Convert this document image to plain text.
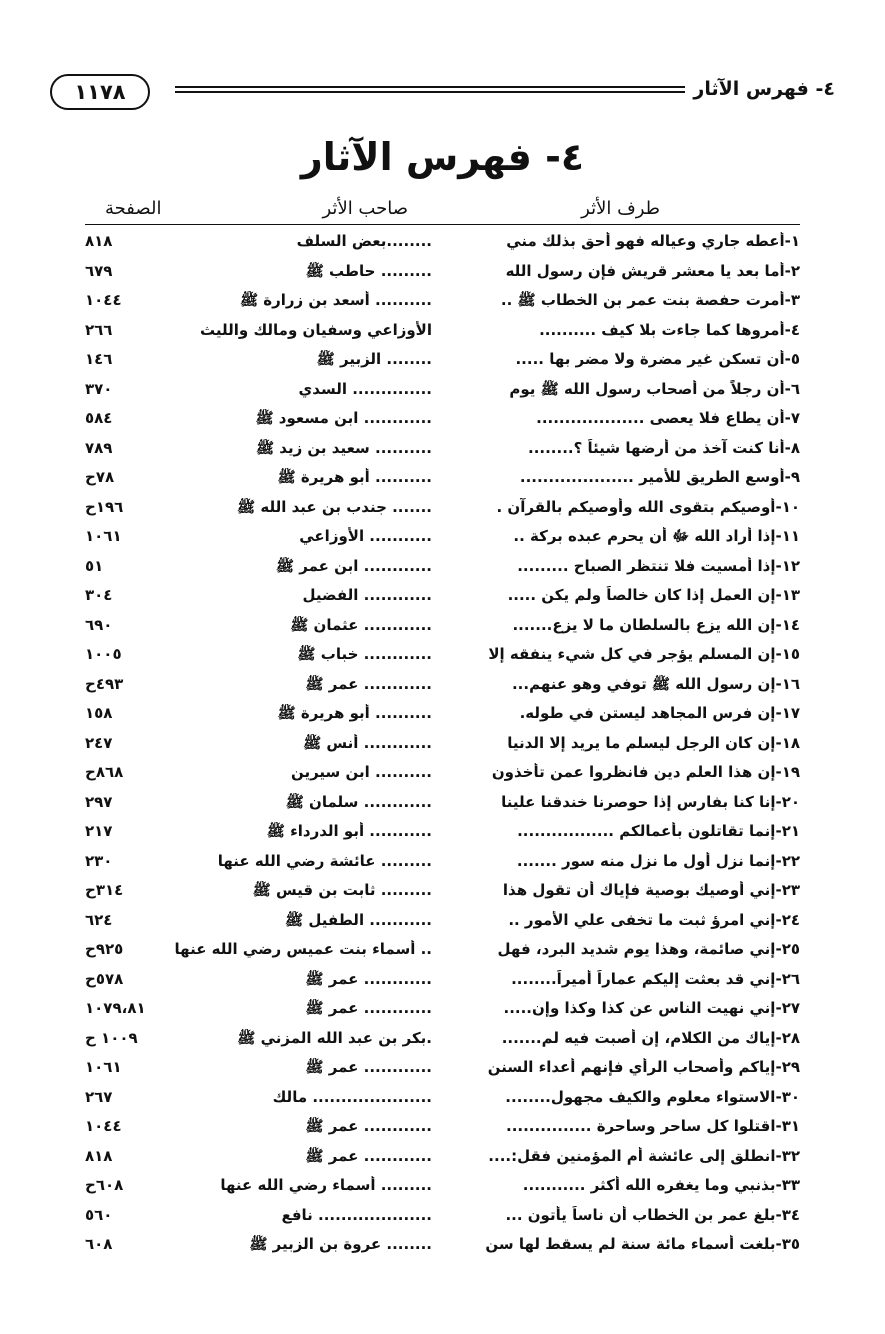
٤- فهرس الآثار
١١٧٨
٤- فهرس الآثار
طرف الأثر
صاحب الأثر
الصفحة
١-أعطه جاري وعياله فهو أحق بذلك مني
........بعض السلف
٨١٨
٢-أما بعد يا معشر قريش فإن رسول الله
......... حاطب ﷺ
٦٧٩
٣-أمرت حفصة بنت عمر بن الخطاب ﷺ ..
.......... أسعد بن زرارة ﷺ
١٠٤٤
٤-أمروها كما جاءت بلا كيف ..........
الأوزاعي وسفيان ومالك والليث
٢٦٦
٥-أن تسكن غير مضرة ولا مضر بها .....
........ الزبير ﷺ
١٤٦
٦-أن رجلاً من أصحاب رسول الله ﷺ يوم
.............. السدي
٣٧٠
٧-أن يطاع فلا يعصى ...................
............ ابن مسعود ﷺ
٥٨٤
٨-أنا كنت آخذ من أرضها شيئاً ؟........
.......... سعيد بن زيد ﷺ
٧٨٩
٩-أوسع الطريق للأمير ....................
.......... أبو هريرة ﷺ
٧٨ح
١٠-أوصيكم بتقوى الله وأوصيكم بالقرآن .
....... جندب بن عبد الله ﷺ
١٩٦ح
١١-إذا أراد الله ﷻ أن يحرم عبده بركة ..
........... الأوزاعي
١٠٦١
١٢-إذا أمسيت فلا تنتظر الصباح .........
............ ابن عمر ﷺ
٥١
١٣-إن العمل إذا كان خالصاً ولم يكن .....
............ الفضيل
٣٠٤
١٤-إن الله يزع بالسلطان ما لا يزع.......
............ عثمان ﷺ
٦٩٠
١٥-إن المسلم يؤجر في كل شيء ينفقه إلا
............ خباب ﷺ
١٠٠٥
١٦-إن رسول الله ﷺ توفي وهو عنهم...
............ عمر ﷺ
٤٩٣ح
١٧-إن فرس المجاهد ليستن في طوله.
.......... أبو هريرة ﷺ
١٥٨
١٨-إن كان الرجل ليسلم ما يريد إلا الدنيا
............ أنس ﷺ
٢٤٧
١٩-إن هذا العلم دين فانظروا عمن تأخذون
.......... ابن سيرين
٨٦٨ح
٢٠-إنا كنا بفارس إذا حوصرنا خندقنا علينا
............ سلمان ﷺ
٢٩٧
٢١-إنما تقاتلون بأعمالكم .................
........... أبو الدرداء ﷺ
٢١٧
٢٢-إنما نزل أول ما نزل منه سور .......
......... عائشة رضي الله عنها
٢٣٠
٢٣-إني أوصيك بوصية فإياك أن تقول هذا
......... ثابت بن قيس ﷺ
٣١٤ح
٢٤-إني امرؤ ثبت ما تخفى علي الأمور ..
........... الطفيل ﷺ
٦٢٤
٢٥-إني صائمة، وهذا يوم شديد البرد، فهل
.. أسماء بنت عميس رضي الله عنها
٩٢٥ح
٢٦-إني قد بعثت إليكم عماراً أميراً........
............ عمر ﷺ
٥٧٨ح
٢٧-إني نهيت الناس عن كذا وكذا وإن.....
............ عمر ﷺ
١٠٧٩،٨١
٢٨-إياك من الكلام، إن أصبت فيه لم.......
.بكر بن عبد الله المزني ﷺ
١٠٠٩ ح
٢٩-إياكم وأصحاب الرأي فإنهم أعداء السنن
............ عمر ﷺ
١٠٦١
٣٠-الاستواء معلوم والكيف مجهول........
..................... مالك
٢٦٧
٣١-اقتلوا كل ساحر وساحرة ...............
............ عمر ﷺ
١٠٤٤
٣٢-انطلق إلى عائشة أم المؤمنين فقل:....
............ عمر ﷺ
٨١٨
٣٣-بذنبي وما يغفره الله أكثر ...........
......... أسماء رضي الله عنها
٦٠٨ح
٣٤-بلغ عمر بن الخطاب أن ناساً يأتون ...
.................... نافع
٥٦٠
٣٥-بلغت أسماء مائة سنة لم يسقط لها سن
........ عروة بن الزبير ﷺ
٦٠٨
